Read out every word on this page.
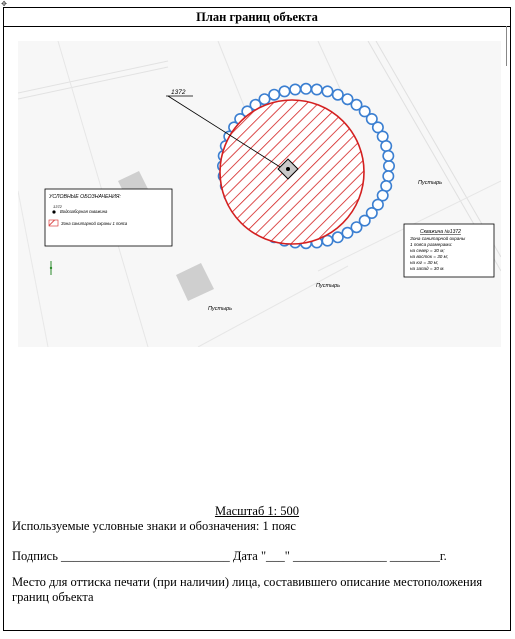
✥
План границ объекта
1372
Пустырь
Пустырь
Пустырь
УСЛОВНЫЕ ОБОЗНАЧЕНИЯ:
1372
Водозаборная скважина
Зона санитарной охраны 1 пояса
Скважина №1372
Зона санитарной охраны
1 пояса размерами:
на север = 30 м;
на восток = 30 м;
на юг = 30 м;
на запад = 30 м.
Масштаб 1: 500
Используемые условные знаки и обозначения: 1 пояс
Подпись ___________________________ Дата "___" _______________ ________г.
Место для оттиска печати (при наличии) лица, составившего описание местоположения границ объекта
